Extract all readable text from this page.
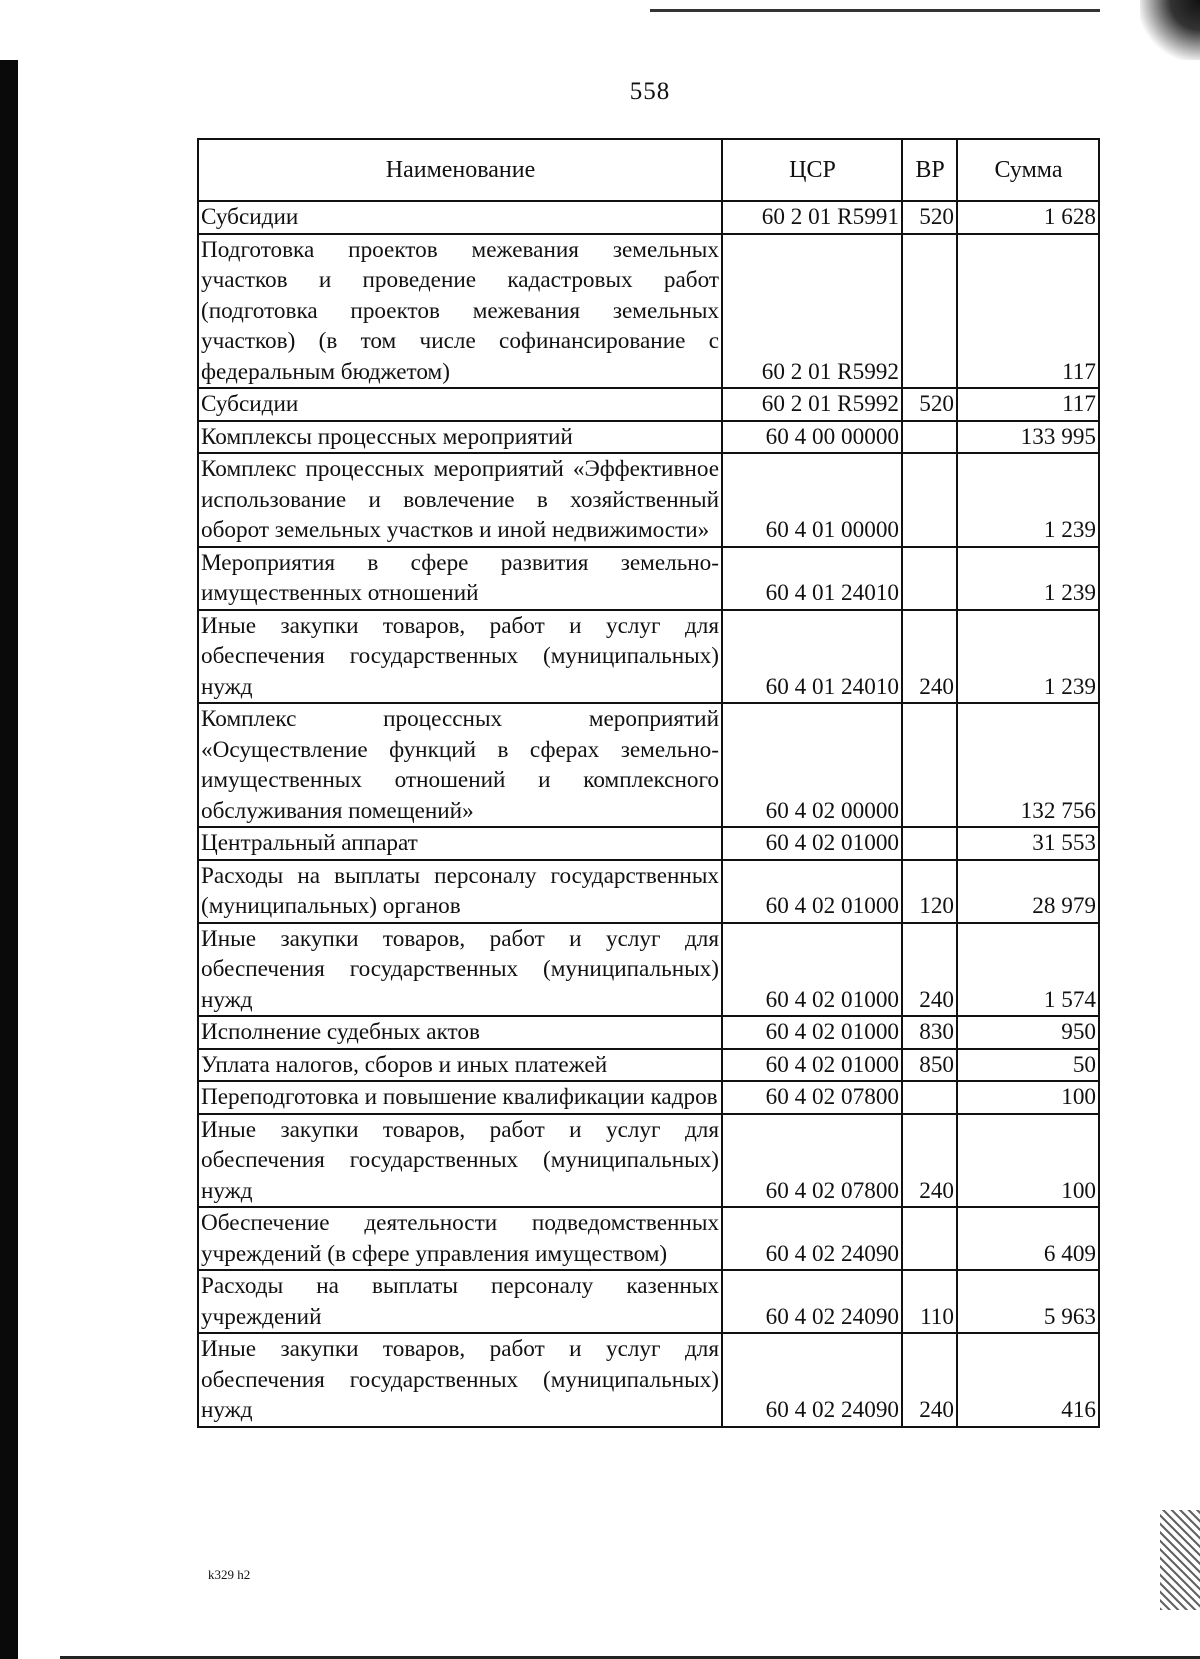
558
Наименование	ЦСР	ВР	Сумма
Субсидии	60 2 01 R5991	520	1 628
Подготовка проектов межевания земельных участков и проведение кадастровых работ (подготовка проектов межевания земельных участков) (в том числе софинансирование с федеральным бюджетом)	60 2 01 R5992		117
Субсидии	60 2 01 R5992	520	117
Комплексы процессных мероприятий	60 4 00 00000		133 995
Комплекс процессных мероприятий «Эффективное использование и вовлечение в хозяйственный оборот земельных участков и иной недвижимости»	60 4 01 00000		1 239
Мероприятия в сфере развития земельно-имущественных отношений	60 4 01 24010		1 239
Иные закупки товаров, работ и услуг для обеспечения государственных (муниципальных) нужд	60 4 01 24010	240	1 239
Комплекс процессных мероприятий «Осуществление функций в сферах земельно-имущественных отношений и комплексного обслуживания помещений»	60 4 02 00000		132 756
Центральный аппарат	60 4 02 01000		31 553
Расходы на выплаты персоналу государственных (муниципальных) органов	60 4 02 01000	120	28 979
Иные закупки товаров, работ и услуг для обеспечения государственных (муниципальных) нужд	60 4 02 01000	240	1 574
Исполнение судебных актов	60 4 02 01000	830	950
Уплата налогов, сборов и иных платежей	60 4 02 01000	850	50
Переподготовка и повышение квалификации кадров	60 4 02 07800		100
Иные закупки товаров, работ и услуг для обеспечения государственных (муниципальных) нужд	60 4 02 07800	240	100
Обеспечение деятельности подведомственных учреждений (в сфере управления имуществом)	60 4 02 24090		6 409
Расходы на выплаты персоналу казенных учреждений	60 4 02 24090	110	5 963
Иные закупки товаров, работ и услуг для обеспечения государственных (муниципальных) нужд	60 4 02 24090	240	416
k329 h2
